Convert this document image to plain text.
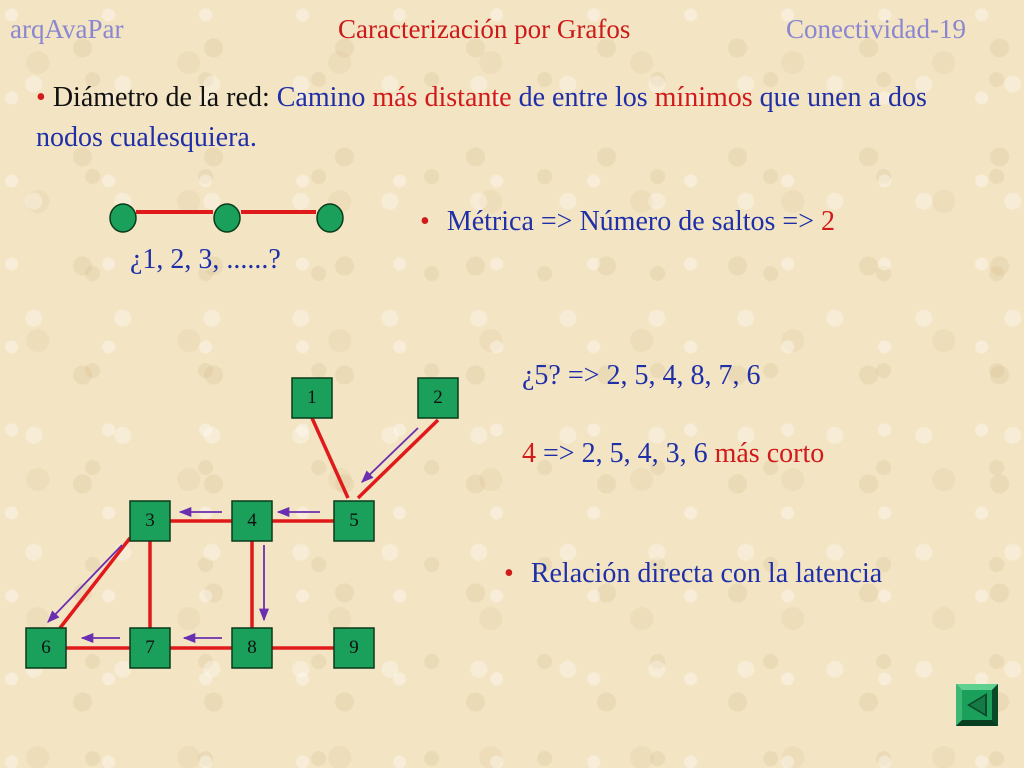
arqAvaPar	Caracterización por Grafos	Conectividad-19
• Diámetro de la red: Camino más distante de entre los mínimos que unen a dos nodos cualesquiera.
1	2
3	4	5
6	7	8	9
¿1, 2, 3, ......?
• Métrica => Número de saltos => 2
¿5? => 2, 5, 4, 8, 7, 6
4 => 2, 5, 4, 3, 6 más corto
• Relación directa con la latencia
